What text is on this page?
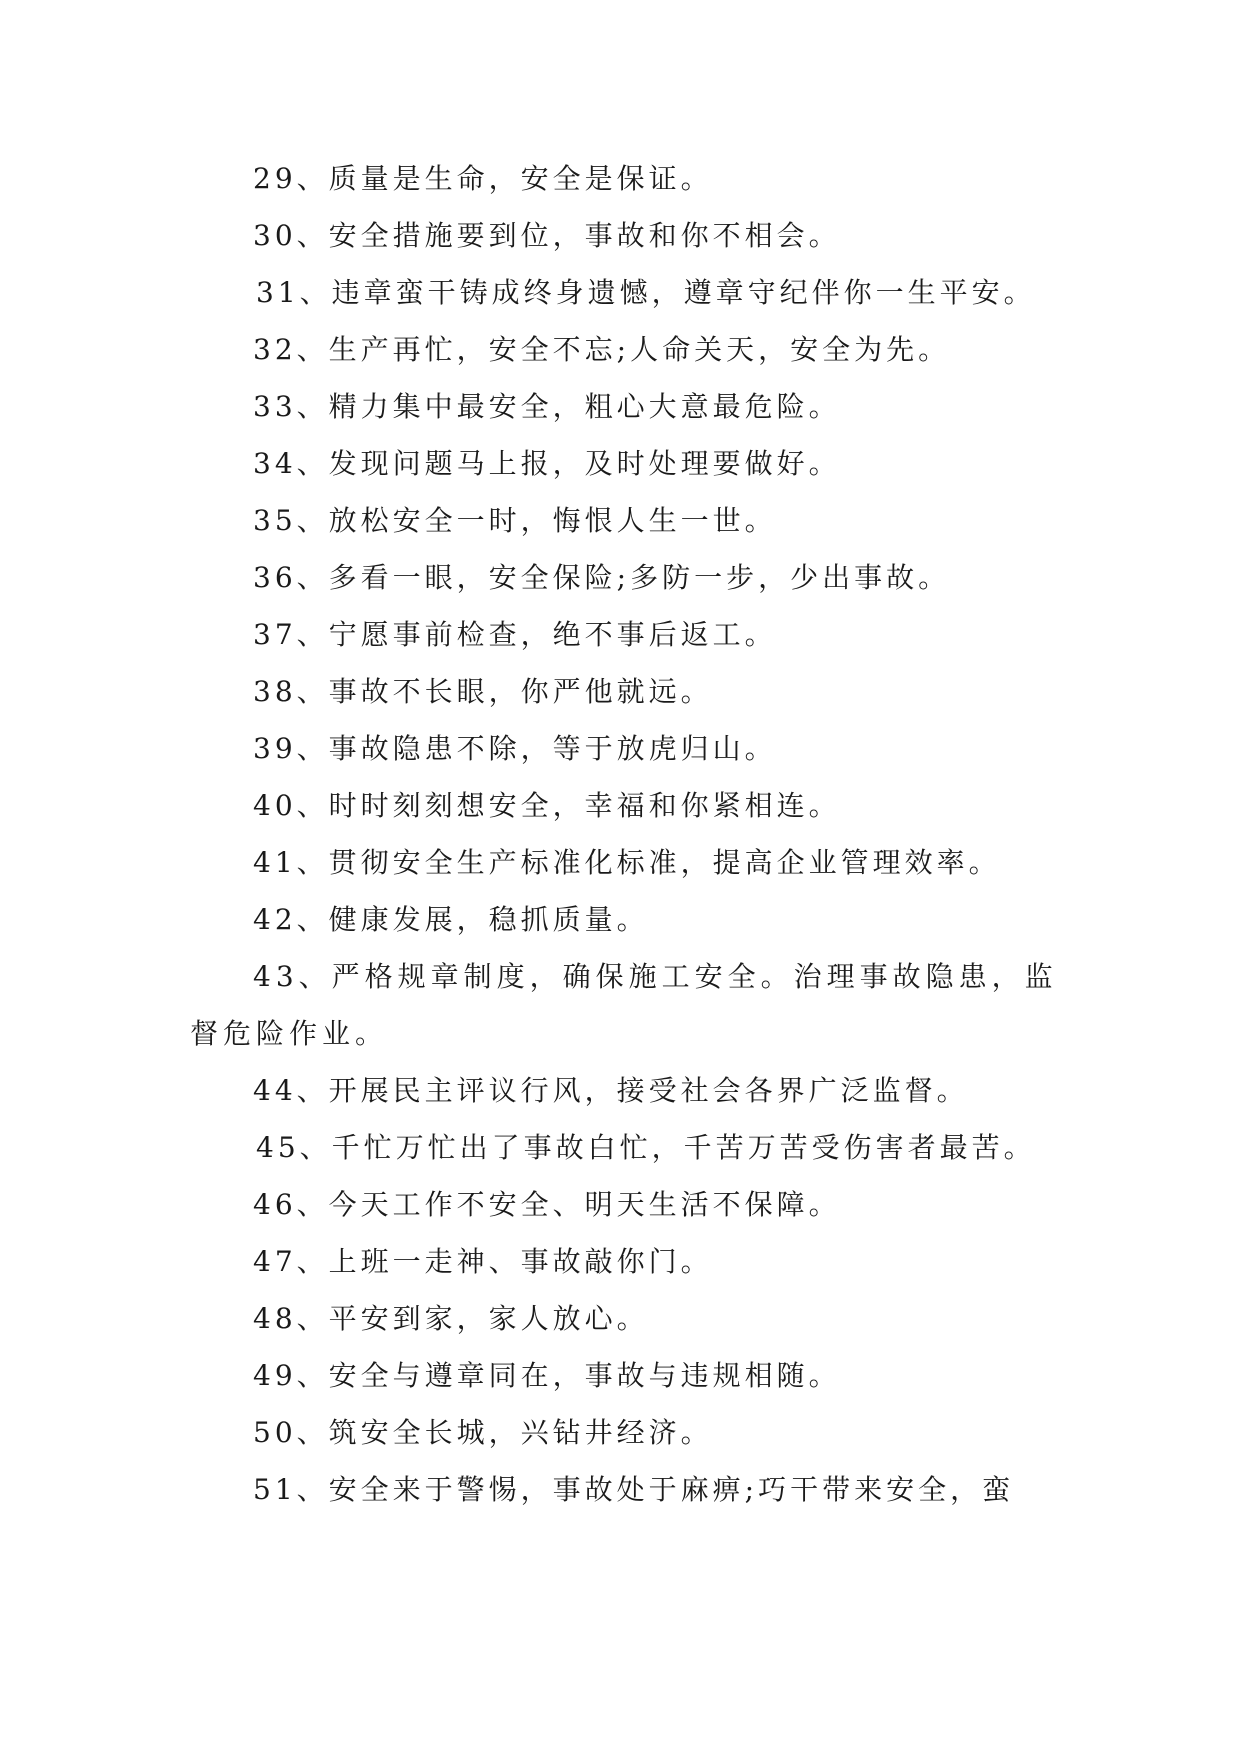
29、质量是生命，安全是保证。

30、安全措施要到位，事故和你不相会。

31、违章蛮干铸成终身遗憾，遵章守纪伴你一生平安。

32、生产再忙，安全不忘;人命关天，安全为先。

33、精力集中最安全，粗心大意最危险。

34、发现问题马上报，及时处理要做好。

35、放松安全一时，悔恨人生一世。

36、多看一眼，安全保险;多防一步，少出事故。

37、宁愿事前检查，绝不事后返工。

38、事故不长眼，你严他就远。

39、事故隐患不除，等于放虎归山。

40、时时刻刻想安全，幸福和你紧相连。

41、贯彻安全生产标准化标准，提高企业管理效率。

42、健康发展，稳抓质量。

43、严格规章制度，确保施工安全。治理事故隐患，监督危险作业。

44、开展民主评议行风，接受社会各界广泛监督。

45、千忙万忙出了事故白忙，千苦万苦受伤害者最苦。

46、今天工作不安全、明天生活不保障。

47、上班一走神、事故敲你门。

48、平安到家，家人放心。

49、安全与遵章同在，事故与违规相随。

50、筑安全长城，兴钻井经济。

51、安全来于警惕，事故处于麻痹;巧干带来安全，蛮
